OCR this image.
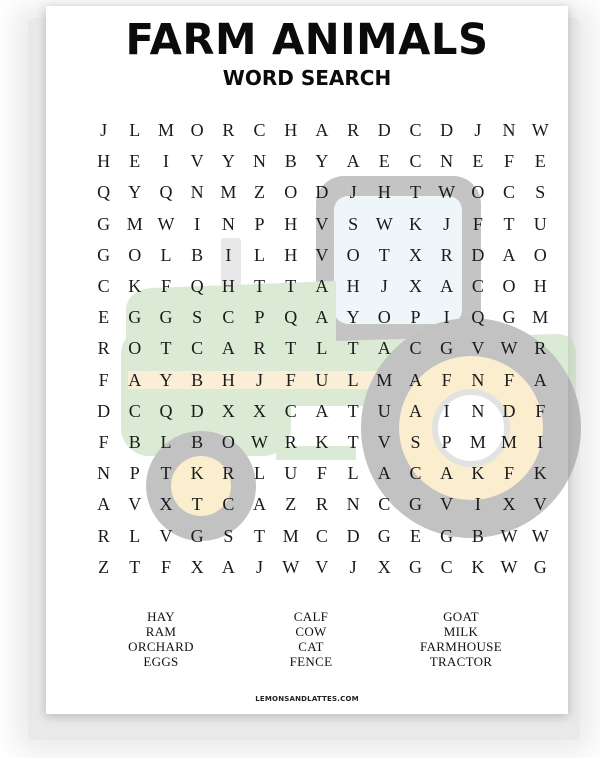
FARM ANIMALS
WORD SEARCH
J	L M O	R	C	H	A	R	D	C	D	J	N W
H	E	I	V	Y	N	B	Y	A	E	C	N	E	F	E
Q	Y	Q	N M Z	O	D	J	H	T W O	C	S
G M W	I	N	P	H	V	S W K	J	F	T	U
G	O	L	B	I	L	H	V	O	T	X	R	D	A	O
C	K	F	Q	H	T	T	A	H	J	X	A	C	O	H
E	G	G	S	C	P	Q	A	Y	O	P	I	Q	G M
R	O	T	C	A	R	T	L	T	A	C	G	V W R
F	A	Y	B	H	J	F	U	L M A	F	N	F	A
D	C	Q	D	X	X	C	A	T	U	A	I	N	D	F
F	B	L	B	O W R	K	T	V	S	P	M M	I
N	P	T	K	R	L	U	F	L	A	C	A	K	F	K
A	V	X	T	C	A	Z	R	N	C	G	V	I	X	V
R	L	V	G	S	T M C	D	G	E	G	B W W
Z	T	F	X	A	J	W V	J	X	G	C	K W G
HAY
RAM
ORCHARD
EGGS
CALF
COW
CAT
FENCE
GOAT
MILK
FARMHOUSE
TRACTOR
LEMONSANDLATTES.COM
